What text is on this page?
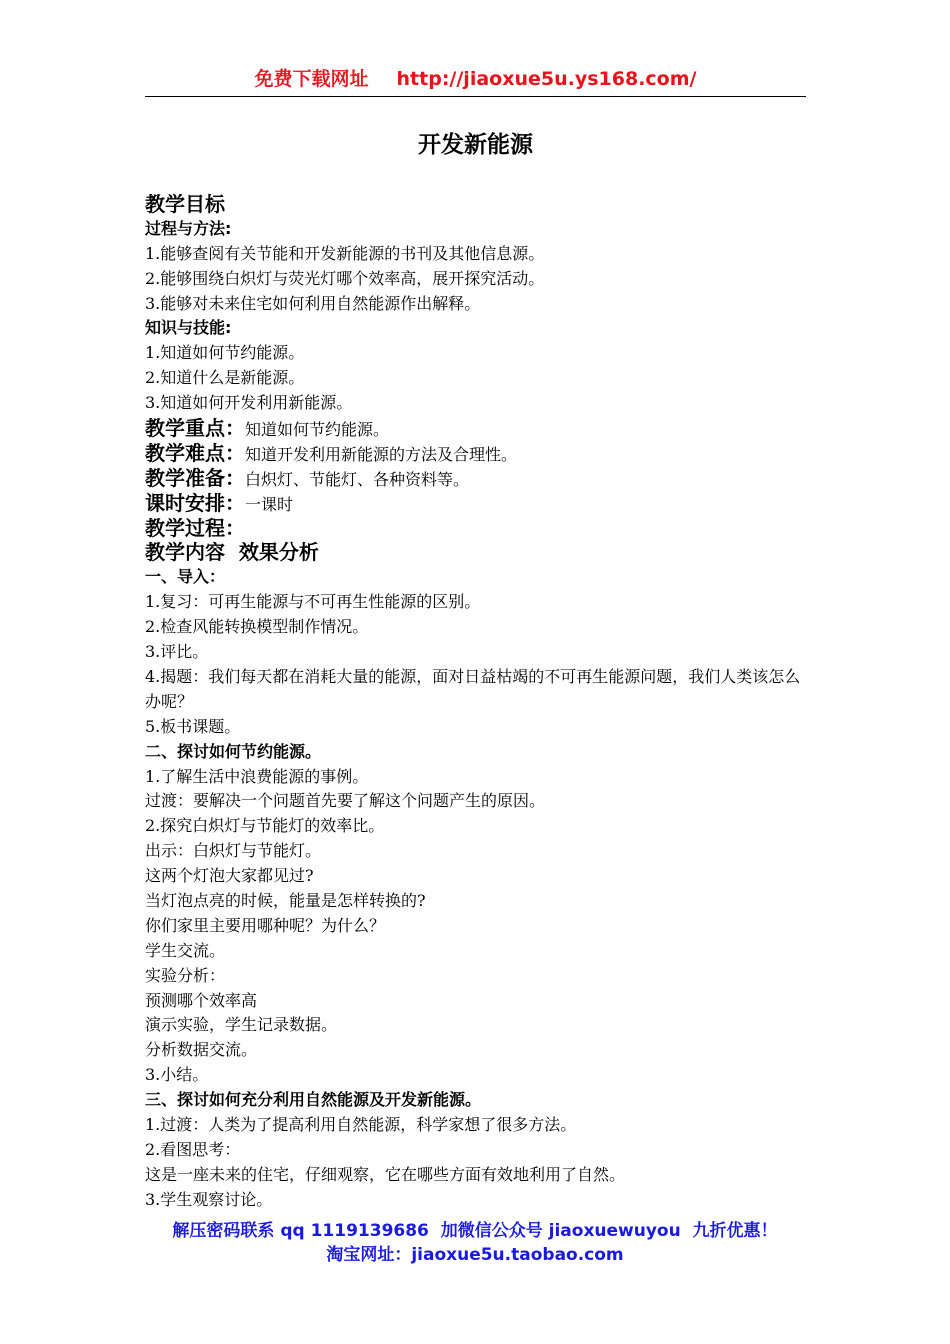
免费下载网址 http://jiaoxue5u.ys168.com/
开发新能源
教学目标
过程与方法:
1.能够查阅有关节能和开发新能源的书刊及其他信息源。
2.能够围绕白炽灯与荧光灯哪个效率高，展开探究活动。
3.能够对未来住宅如何利用自然能源作出解释。
知识与技能:
1.知道如何节约能源。
2.知道什么是新能源。
3.知道如何开发利用新能源。
教学重点：知道如何节约能源。
教学难点：知道开发利用新能源的方法及合理性。
教学准备：白炽灯、节能灯、各种资料等。
课时安排：一课时
教学过程：
教学内容  效果分析
一、导入：
1.复习：可再生能源与不可再生性能源的区别。
2.检查风能转换模型制作情况。
3.评比。
4.揭题：我们每天都在消耗大量的能源，面对日益枯竭的不可再生能源问题，我们人类该怎么办呢？
5.板书课题。
二、探讨如何节约能源。
1.了解生活中浪费能源的事例。
过渡：要解决一个问题首先要了解这个问题产生的原因。
2.探究白炽灯与节能灯的效率比。
出示：白炽灯与节能灯。
这两个灯泡大家都见过?
当灯泡点亮的时候，能量是怎样转换的?
你们家里主要用哪种呢？为什么？
学生交流。
实验分析：
预测哪个效率高
演示实验，学生记录数据。
分析数据交流。
3.小结。
三、探讨如何充分利用自然能源及开发新能源。
1.过渡：人类为了提高利用自然能源，科学家想了很多方法。
2.看图思考：
这是一座未来的住宅，仔细观察，它在哪些方面有效地利用了自然。
3.学生观察讨论。
解压密码联系 qq 1119139686  加微信公众号 jiaoxuewuyou  九折优惠！
淘宝网址：jiaoxue5u.taobao.com
